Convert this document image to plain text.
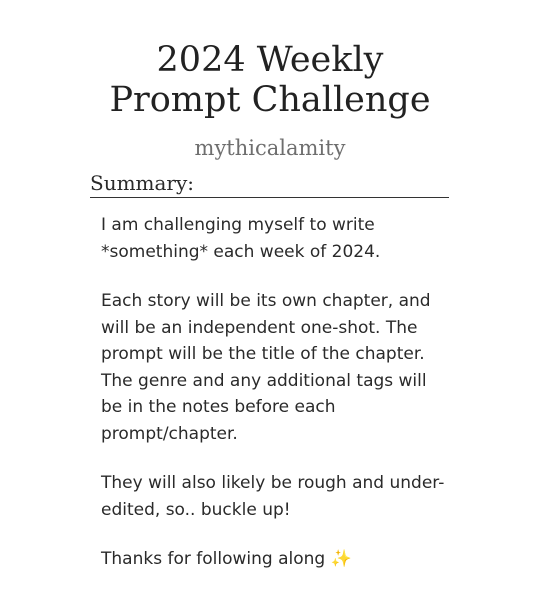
2024 Weekly
Prompt Challenge
mythicalamity
Summary:

I am challenging myself to write *something* each week of 2024.

Each story will be its own chapter, and will be an independent one-shot. The prompt will be the title of the chapter. The genre and any additional tags will be in the notes before each prompt/chapter.

They will also likely be rough and under-edited, so.. buckle up!

Thanks for following along ✨
